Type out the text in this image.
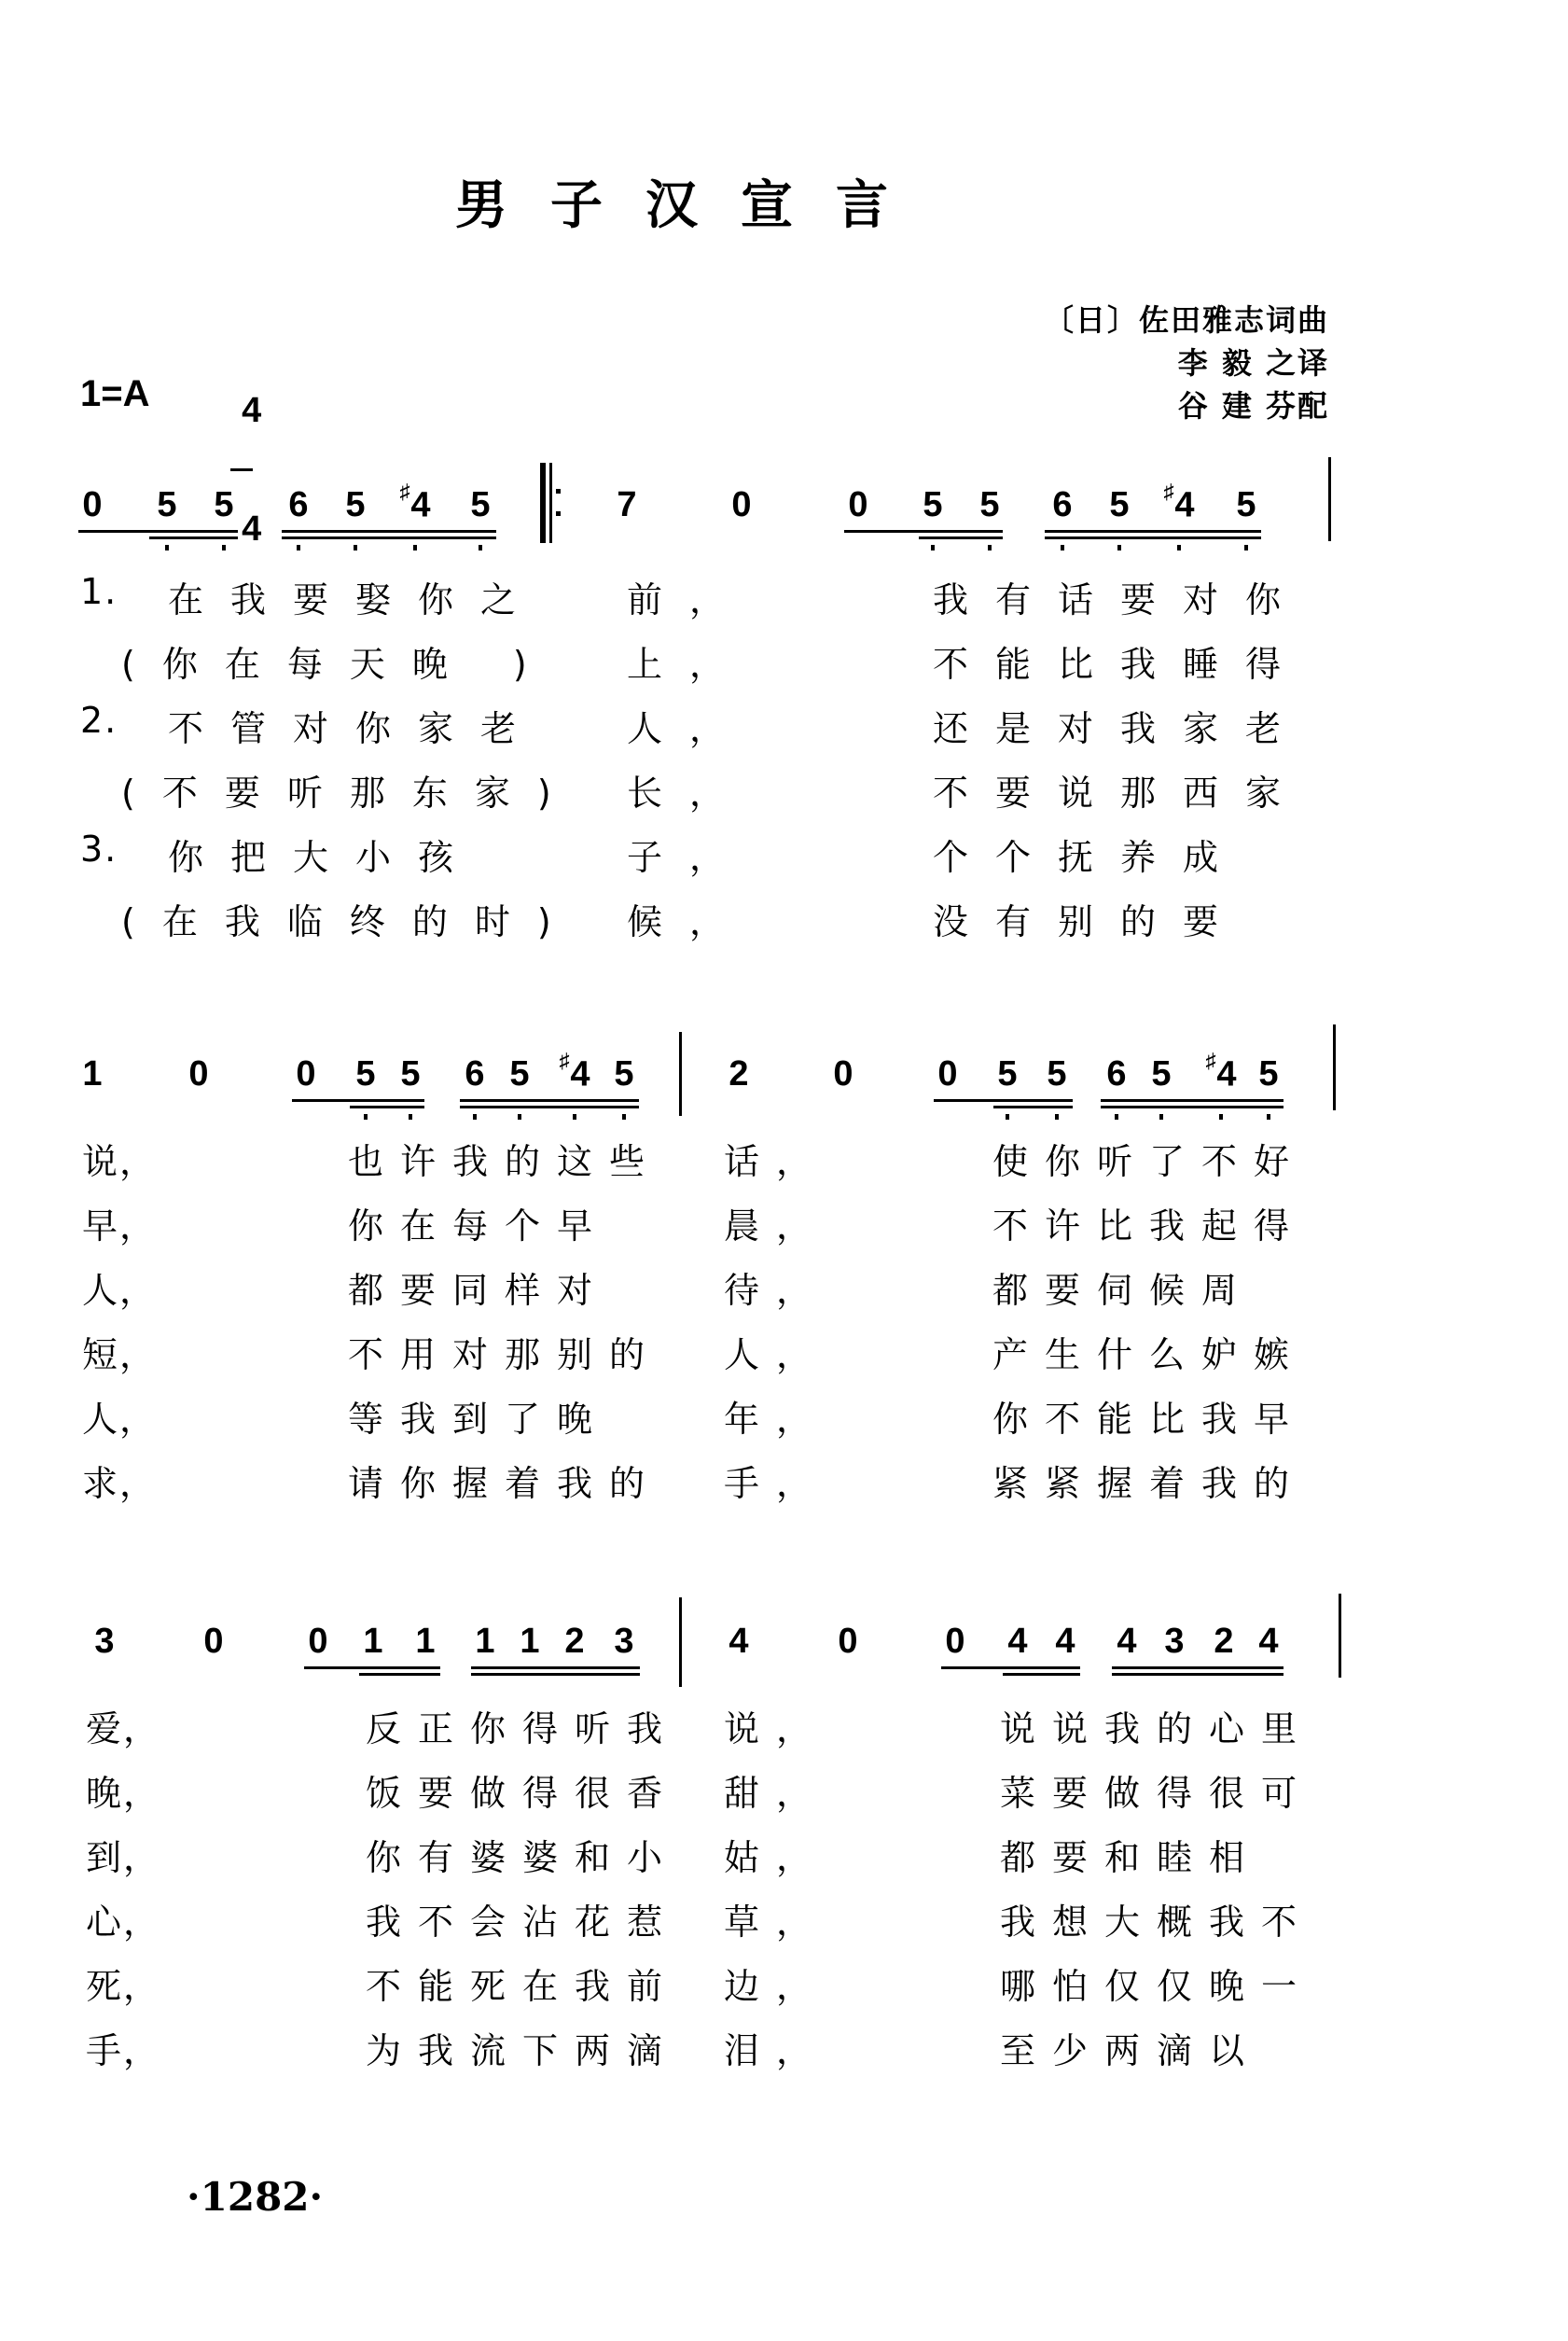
男子汉宣言
〔日〕佐田雅志词曲
李 毅 之译
谷 建 芬配
1=A	4

4

0 5 5 6 5 ♯4 5	7	0	0 5 5 6 5 ♯4 5
1. 在我要娶你之 前，	我有话要对你
(你在每天晚 ) 上，	不能比我睡得
2. 不管对你家老 人，	还是对我家老
(不要听那东家) 长，	不要说那西家
3. 你把大小孩	子，	个个抚养成
(在我临终的时) 候，	没有别的要
1 0 0 5 5 6 5 ♯4 5	2 0 0 5 5 6 5 ♯4 5
说，	也许我的这些 话，	使你听了不好
早，	你在每个早	晨，	不许比我起得
人，	都要同样对	待，	都要伺候周
短，	不用对那别的 人，	产生什么妒嫉
人，	等我到了晚	年，	你不能比我早
求，	请你握着我的 手，	紧紧握着我的
3	0 0 1 1 1 1 2 3	4	0 0 4 4 4 3 2 4
爱，	反正你得听我 说，	说说我的心里
晚，	饭要做得很香 甜，	菜要做得很可
到，	你有婆婆和小 姑，	都要和睦相
心，	我不会沾花惹 草，	我想大概我不
死，	不能死在我前 边，	哪怕仅仅晚一
手，	为我流下两滴 泪，	至少两滴以
·1282·
